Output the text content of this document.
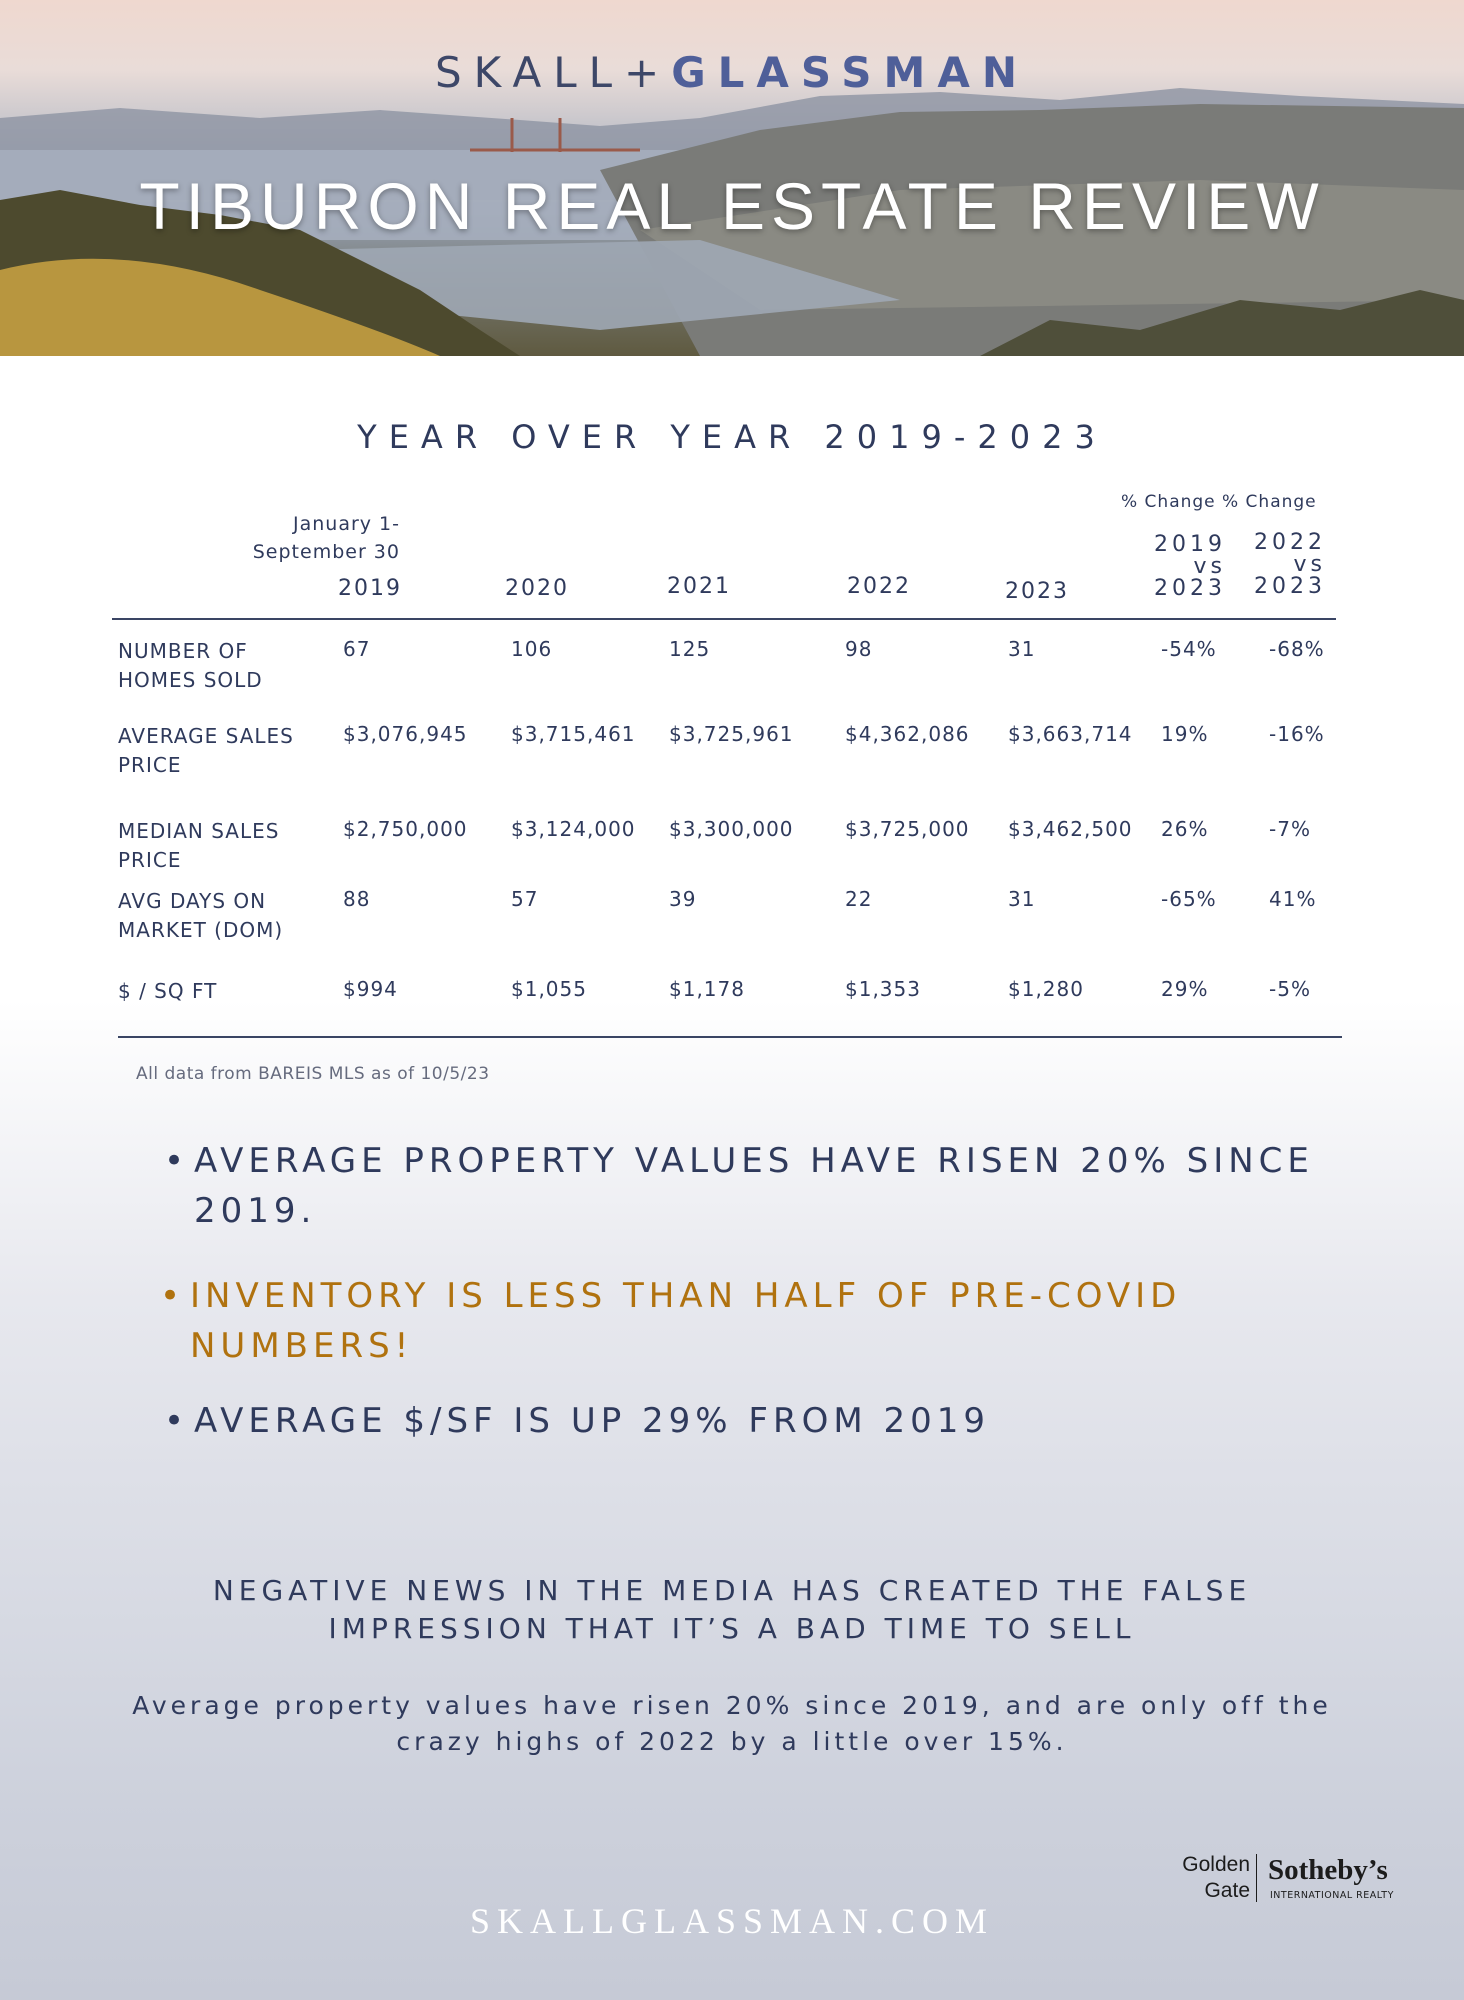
SKALL+GLASSMAN
TIBURON REAL ESTATE REVIEW
YEAR OVER YEAR 2019-2023
January 1-
September 30
2019	2020	2021	2022	2023
% Change % Change
2019
vs
2023
2022
vs
2023
NUMBER OF HOMES SOLD
67	106	125	98	31	-54%	-68%
AVERAGE SALES PRICE
$3,076,945 $3,715,461 $3,725,961	$4,362,086 $3,663,714 19%	-16%
MEDIAN SALES PRICE
$2,750,000 $3,124,000 $3,300,000	$3,725,000 $3,462,500 26%	-7%
AVG DAYS ON MARKET (DOM)
88	57	39	22	31	-65%	41%
$ / SQ FT	$994	$1,055	$1,178	$1,353	$1,280	29%	-5%
All data from BAREIS MLS as of 10/5/23
• AVERAGE PROPERTY VALUES HAVE RISEN 20% SINCE 2019.
• INVENTORY IS LESS THAN HALF OF PRE-COVID NUMBERS!
• AVERAGE $/SF IS UP 29% FROM 2019
NEGATIVE NEWS IN THE MEDIA HAS CREATED THE FALSE IMPRESSION THAT IT’S A BAD TIME TO SELL
Average property values have risen 20% since 2019, and are only off the crazy highs of 2022 by a little over 15%.
Golden
Gate
Sotheby’s
INTERNATIONAL REALTY
SKALLGLASSMAN.COM
